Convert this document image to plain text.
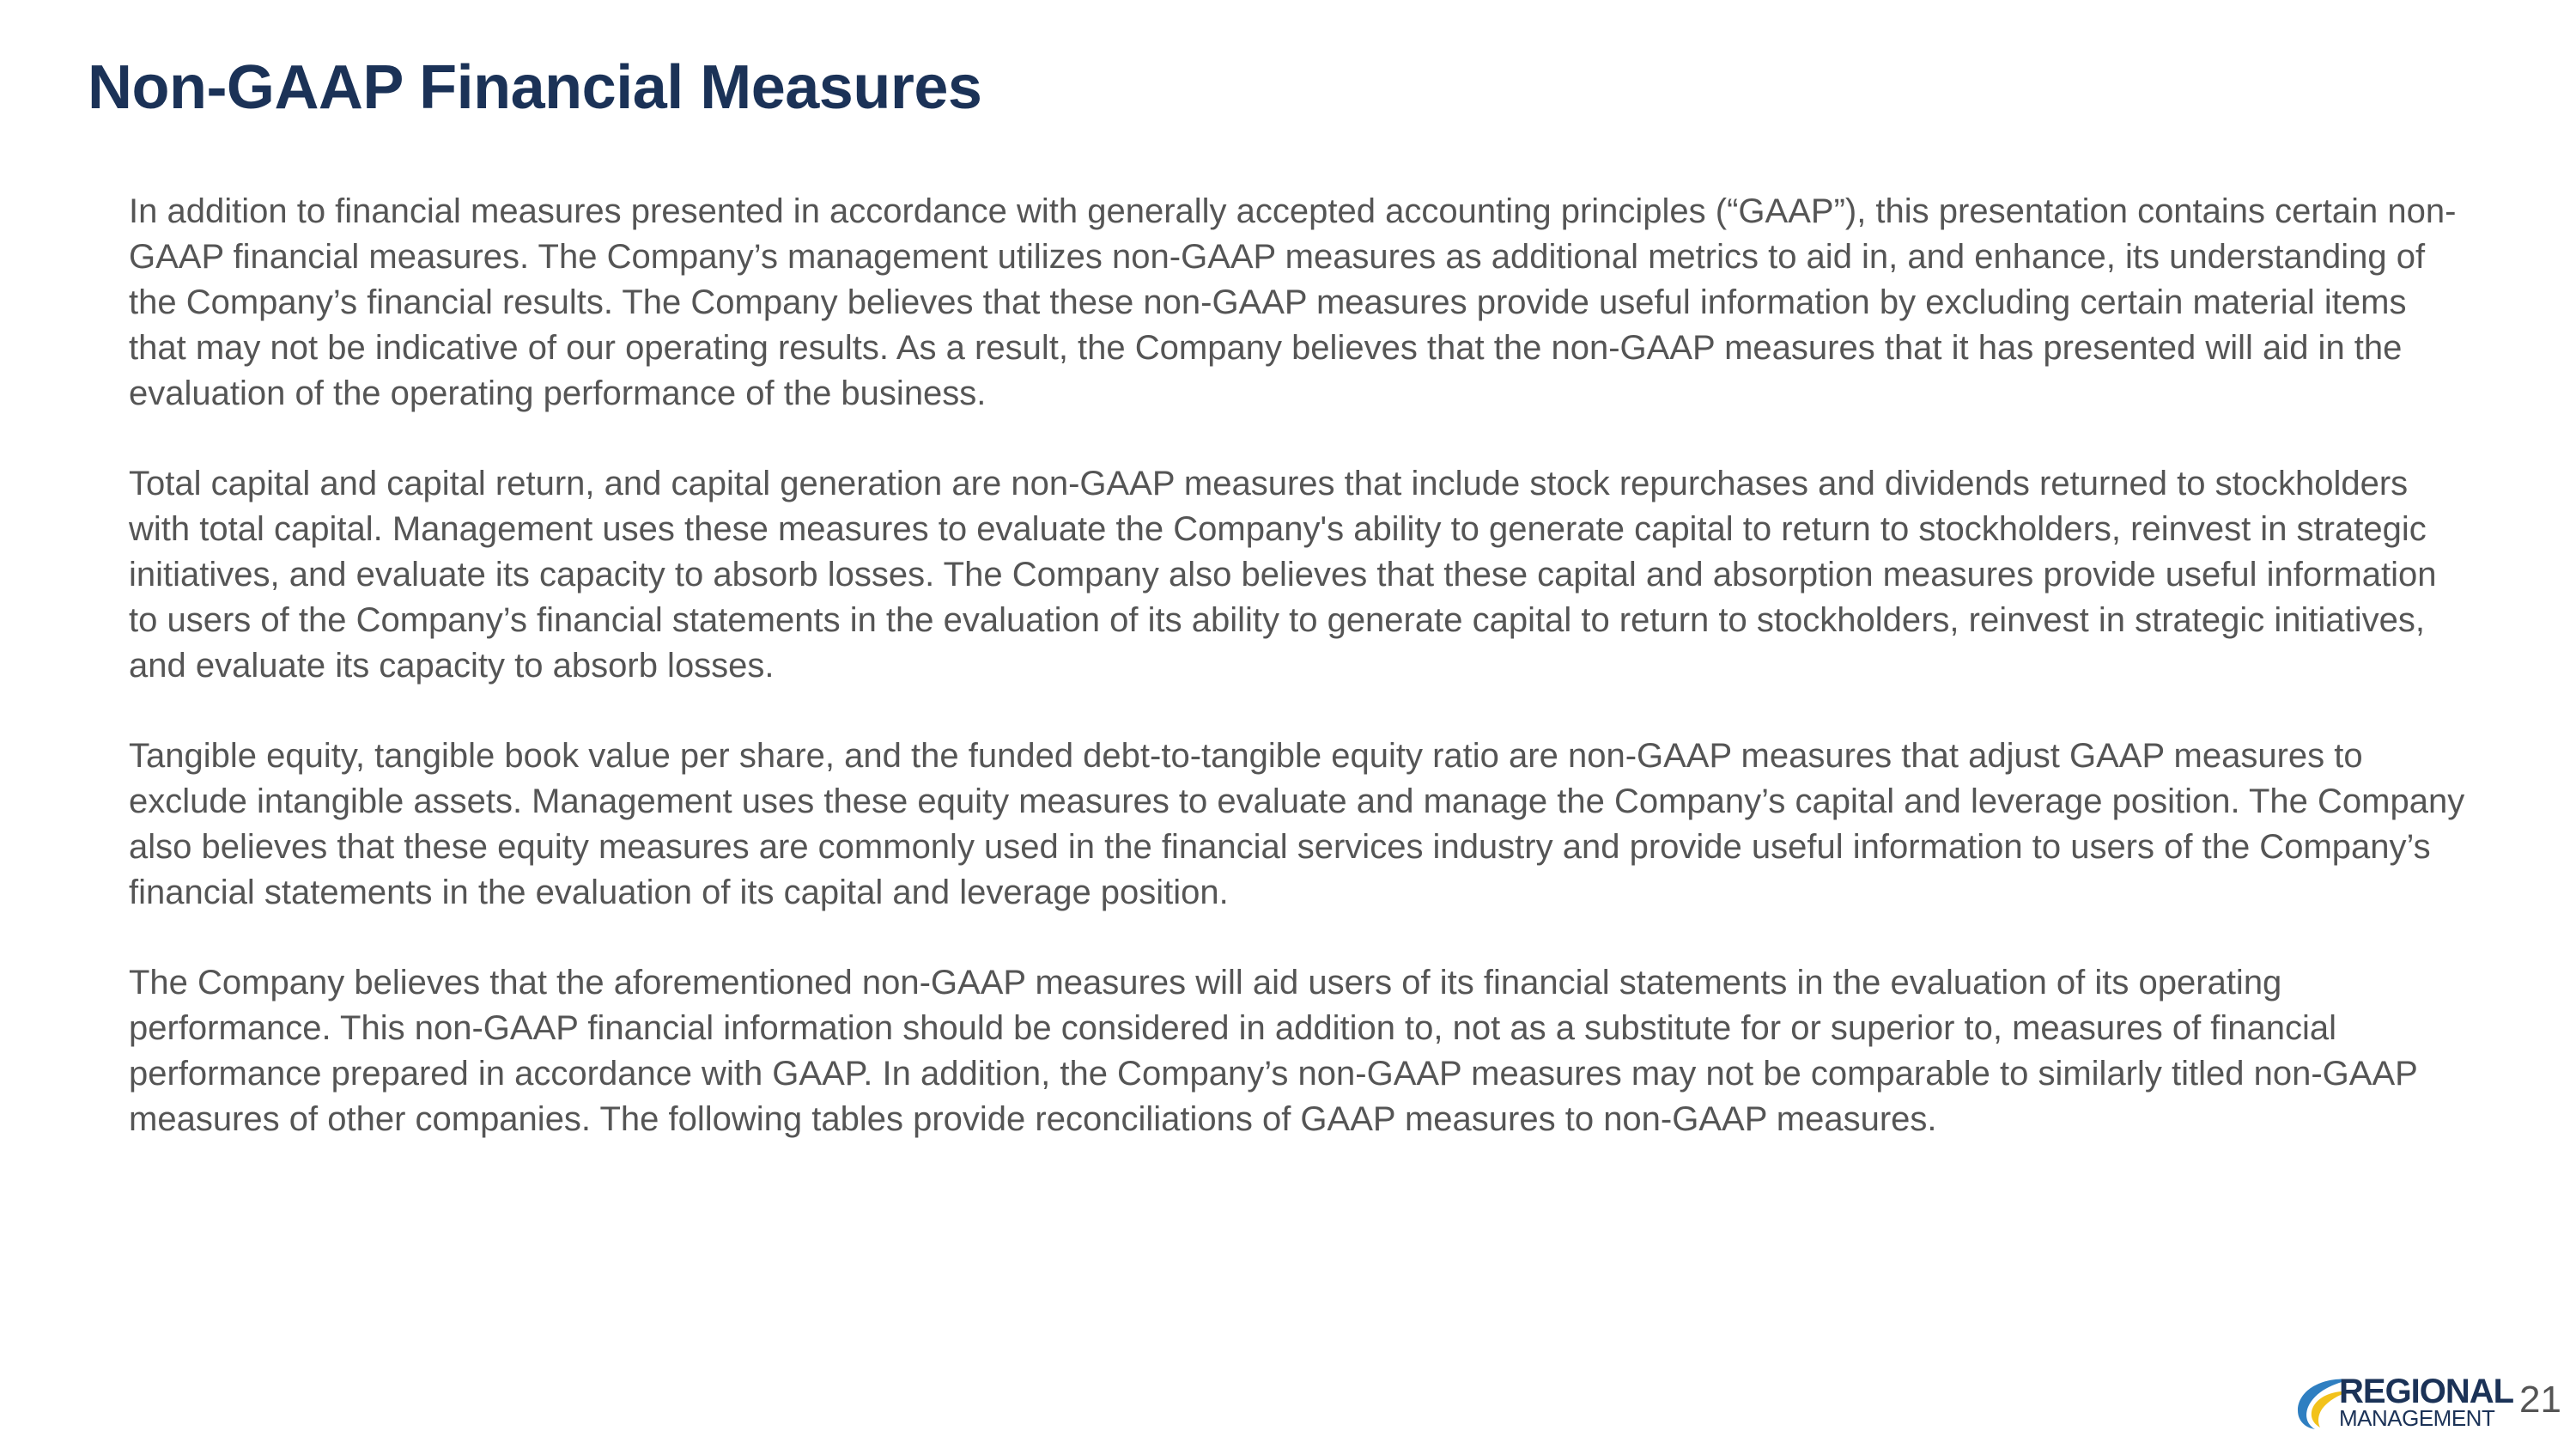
Non-GAAP Financial Measures

In addition to financial measures presented in accordance with generally accepted accounting principles (“GAAP”), this presentation contains certain non-GAAP financial measures. The Company’s management utilizes non-GAAP measures as additional metrics to aid in, and enhance, its understanding of the Company’s financial results. The Company believes that these non-GAAP measures provide useful information by excluding certain material items that may not be indicative of our operating results. As a result, the Company believes that the non-GAAP measures that it has presented will aid in the evaluation of the operating performance of the business.

Total capital and capital return, and capital generation are non-GAAP measures that include stock repurchases and dividends returned to stockholders with total capital. Management uses these measures to evaluate the Company's ability to generate capital to return to stockholders, reinvest in strategic initiatives, and evaluate its capacity to absorb losses. The Company also believes that these capital and absorption measures provide useful information to users of the Company’s financial statements in the evaluation of its ability to generate capital to return to stockholders, reinvest in strategic initiatives, and evaluate its capacity to absorb losses.

Tangible equity, tangible book value per share, and the funded debt-to-tangible equity ratio are non-GAAP measures that adjust GAAP measures to exclude intangible assets. Management uses these equity measures to evaluate and manage the Company’s capital and leverage position. The Company also believes that these equity measures are commonly used in the financial services industry and provide useful information to users of the Company’s financial statements in the evaluation of its capital and leverage position.

The Company believes that the aforementioned non-GAAP measures will aid users of its financial statements in the evaluation of its operating performance. This non-GAAP financial information should be considered in addition to, not as a substitute for or superior to, measures of financial performance prepared in accordance with GAAP. In addition, the Company’s non-GAAP measures may not be comparable to similarly titled non-GAAP measures of other companies. The following tables provide reconciliations of GAAP measures to non-GAAP measures.

REGIONAL
MANAGEMENT 21
